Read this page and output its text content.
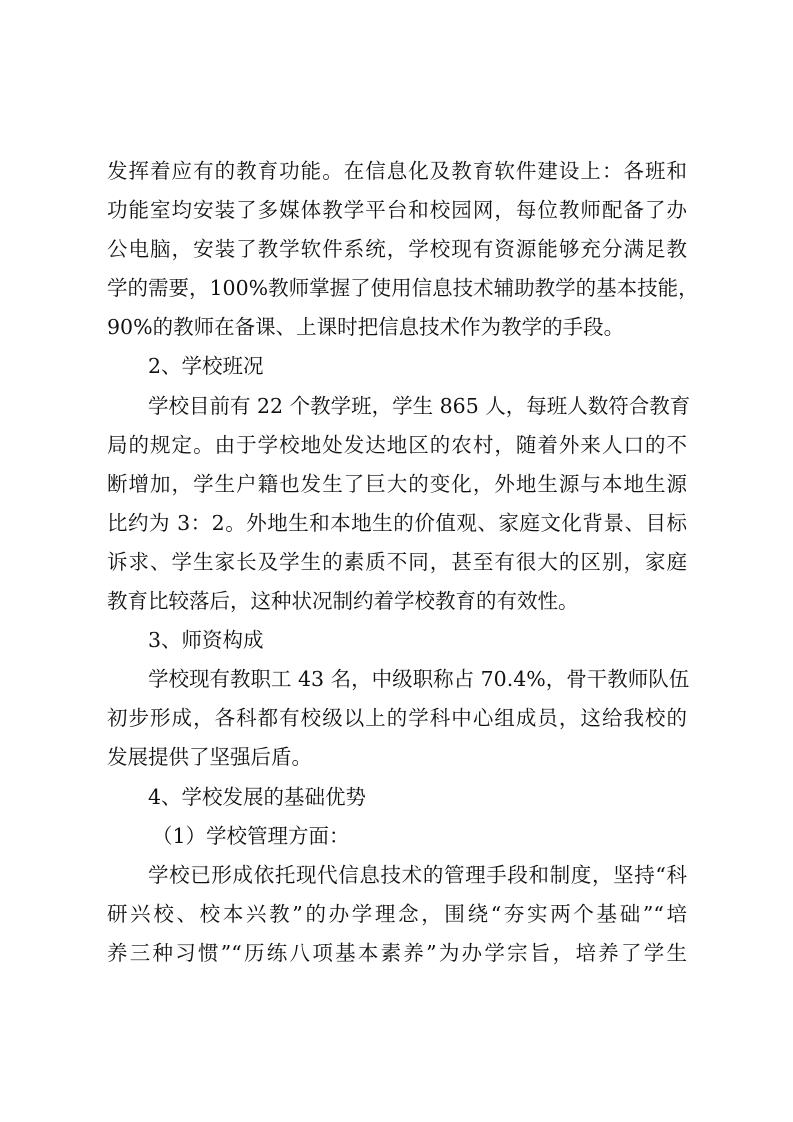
发挥着应有的教育功能。在信息化及教育软件建设上：各班和
功能室均安装了多媒体教学平台和校园网，每位教师配备了办
公电脑，安装了教学软件系统，学校现有资源能够充分满足教
学的需要，100%教师掌握了使用信息技术辅助教学的基本技能，
90%的教师在备课、上课时把信息技术作为教学的手段。
2、学校班况
学校目前有 22 个教学班，学生 865 人，每班人数符合教育
局的规定。由于学校地处发达地区的农村，随着外来人口的不
断增加，学生户籍也发生了巨大的变化，外地生源与本地生源
比约为 3：2。外地生和本地生的价值观、家庭文化背景、目标
诉求、学生家长及学生的素质不同，甚至有很大的区别，家庭
教育比较落后，这种状况制约着学校教育的有效性。
3、师资构成
学校现有教职工 43 名，中级职称占 70.4%，骨干教师队伍
初步形成，各科都有校级以上的学科中心组成员，这给我校的
发展提供了坚强后盾。
4、学校发展的基础优势
（1）学校管理方面：
学校已形成依托现代信息技术的管理手段和制度，坚持“科
研兴校、校本兴教”的办学理念，围绕“夯实两个基础”“培
养三种习惯”“历练八项基本素养”为办学宗旨，培养了学生
